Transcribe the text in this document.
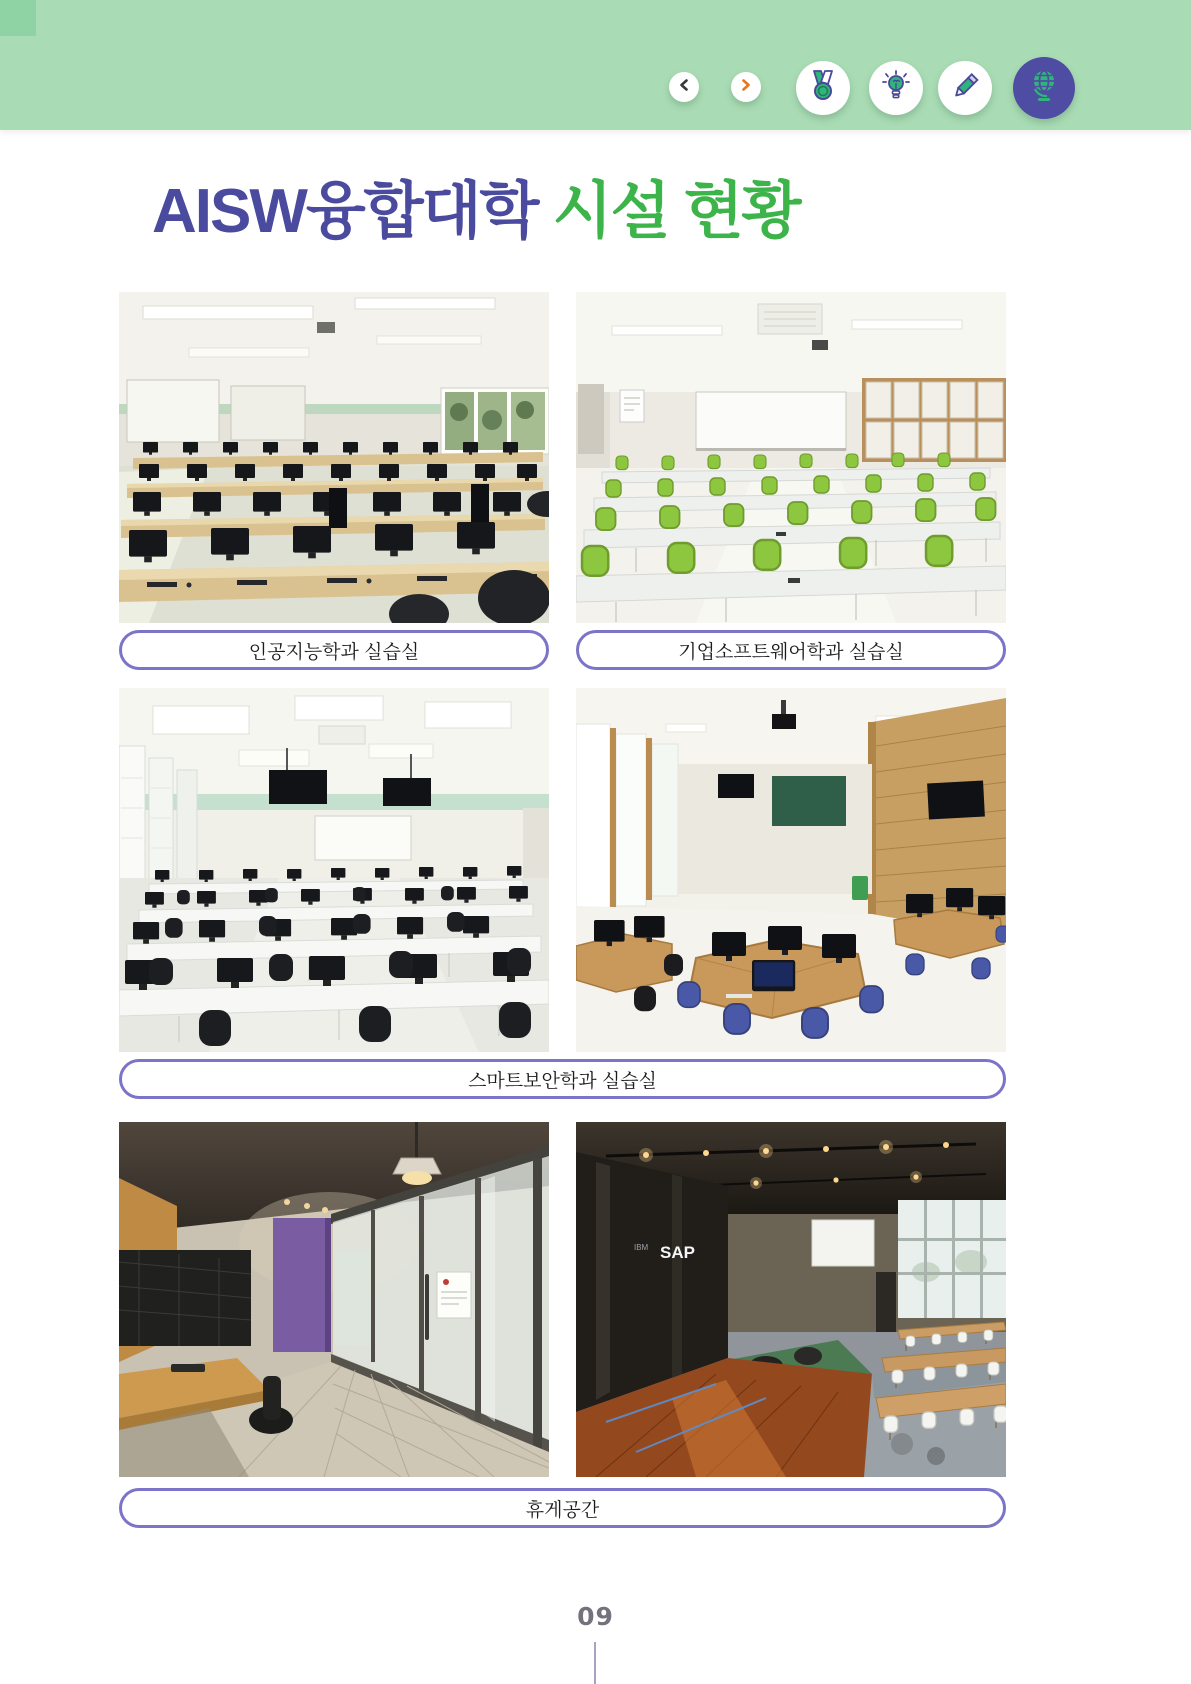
AISW융합대학 시설 현황
인공지능학과 실습실	기업소프트웨어학과 실습실
스마트보안학과 실습실
IBM SAP
휴게공간
09
